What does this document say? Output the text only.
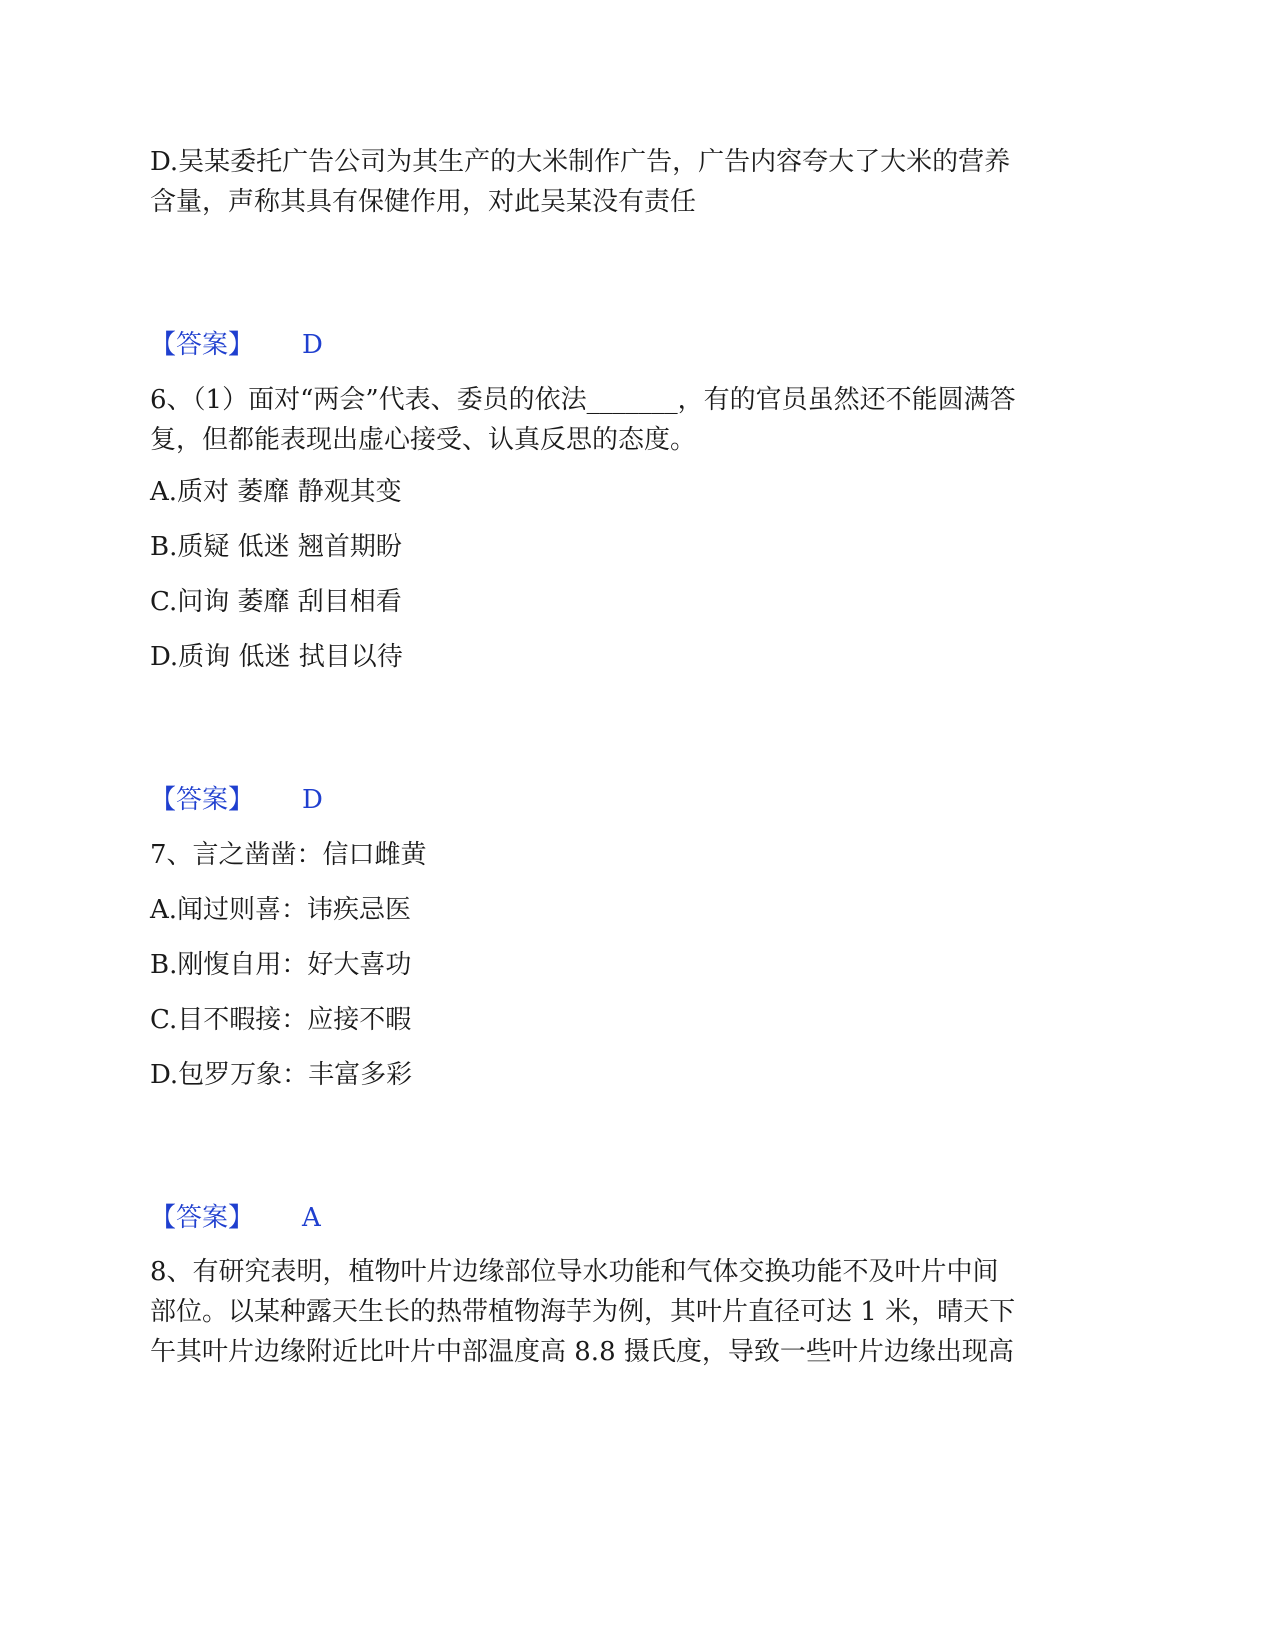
D.吴某委托广告公司为其生产的大米制作广告，广告内容夸大了大米的营养
含量，声称其具有保健作用，对此吴某没有责任
【答案】 D
6、（1）面对“两会”代表、委员的依法_______，有的官员虽然还不能圆满答
复，但都能表现出虚心接受、认真反思的态度。
A.质对 萎靡 静观其变
B.质疑 低迷 翘首期盼
C.问询 萎靡 刮目相看
D.质询 低迷 拭目以待
【答案】 D
7、言之凿凿：信口雌黄
A.闻过则喜：讳疾忌医
B.刚愎自用：好大喜功
C.目不暇接：应接不暇
D.包罗万象：丰富多彩
【答案】 A
8、有研究表明，植物叶片边缘部位导水功能和气体交换功能不及叶片中间
部位。以某种露天生长的热带植物海芋为例，其叶片直径可达 1 米，晴天下
午其叶片边缘附近比叶片中部温度高 8.8 摄氏度，导致一些叶片边缘出现高
